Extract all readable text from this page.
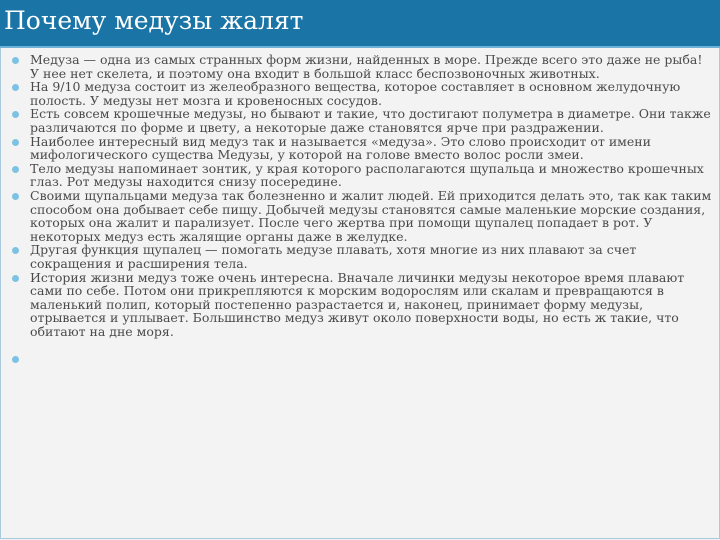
Почему медузы жалят
Медуза — одна из самых странных форм жизни, найденных в море. Прежде всего это даже не рыба! У нее нет скелета, и поэтому она входит в большой класс беспозвоночных животных.
На 9/10 медуза состоит из желеобразного вещества, которое составляет в основном желудочную полость. У медузы нет мозга и кровеносных сосудов.
Есть совсем крошечные медузы, но бывают и такие, что достигают полуметра в диаметре. Они также различаются по форме и цвету, а некоторые даже становятся ярче при раздражении.
Наиболее интересный вид медуз так и называется «медуза». Это слово происходит от имени мифологического существа Медузы, у которой на голове вместо волос росли змеи.
Тело медузы напоминает зонтик, у края которого располагаются щупальца и множество крошечных глаз. Рот медузы находится снизу посередине.
Своими щупальцами медуза так болезненно и жалит людей. Ей приходится делать это, так как таким способом она добывает себе пищу. Добычей медузы становятся самые маленькие морские создания, которых она жалит и парализует. После чего жертва при помощи щупалец попадает в рот. У некоторых медуз есть жалящие органы даже в желудке.
Другая функция щупалец — помогать медузе плавать, хотя многие из них плавают за счет сокращения и расширения тела.
История жизни медуз тоже очень интересна. Вначале личинки медузы некоторое время плавают сами по себе. Потом они прикрепляются к морским водорослям или скалам и превращаются в маленький полип, который постепенно разрастается и, наконец, принимает форму медузы, отрывается и уплывает. Большинство медуз живут около поверхности воды, но есть ж такие, что обитают на дне моря.
